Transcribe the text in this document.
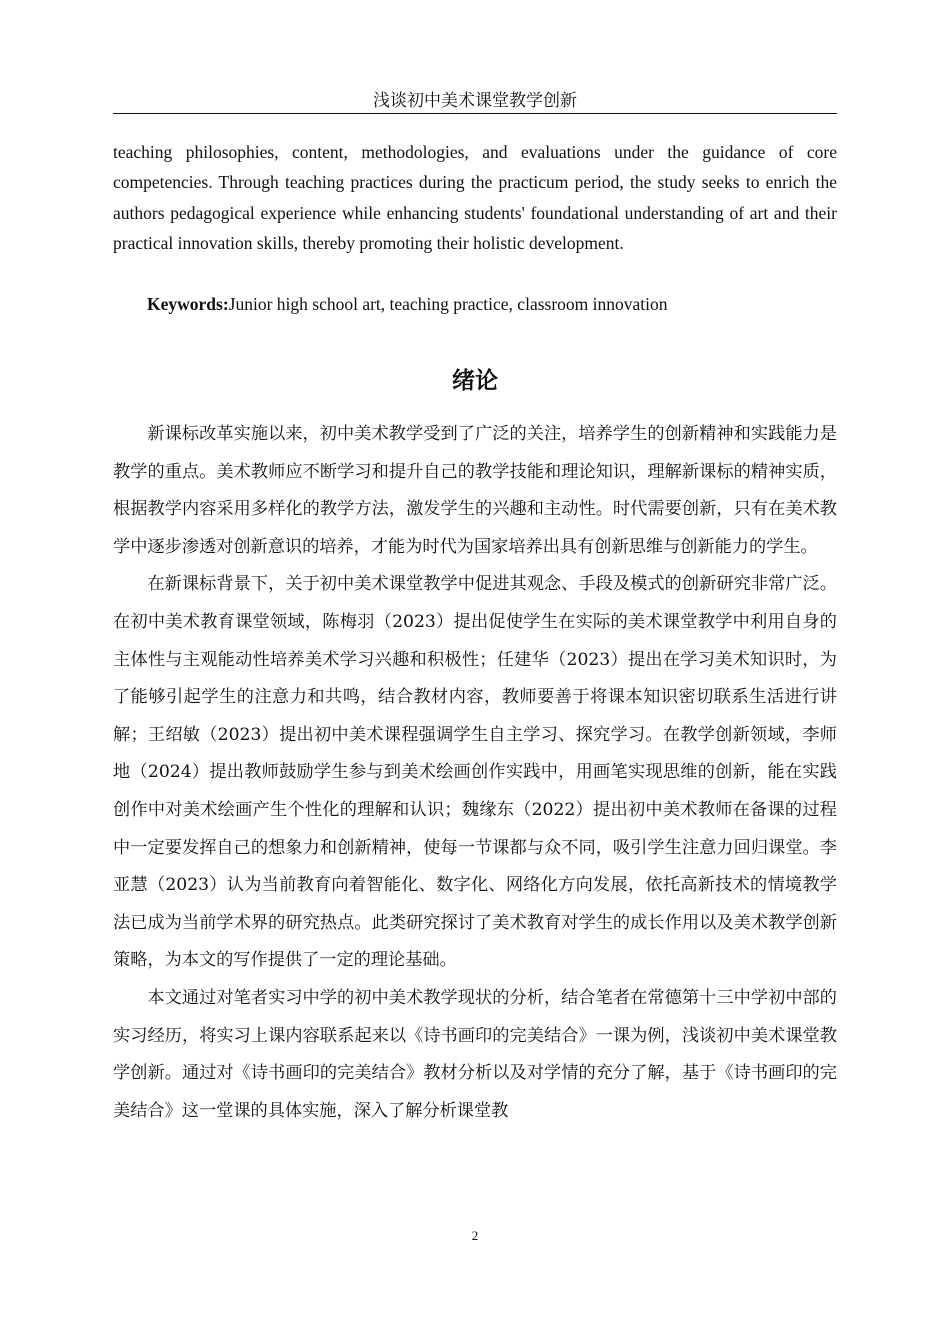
浅谈初中美术课堂教学创新

teaching philosophies, content, methodologies, and evaluations under the guidance of core competencies. Through teaching practices during the practicum period, the study seeks to enrich the authors pedagogical experience while enhancing students' foundational understanding of art and their practical innovation skills, thereby promoting their holistic development.

Keywords:Junior high school art, teaching practice, classroom innovation

绪论

新课标改革实施以来，初中美术教学受到了广泛的关注，培养学生的创新精神和实践能力是教学的重点。美术教师应不断学习和提升自己的教学技能和理论知识，理解新课标的精神实质，根据教学内容采用多样化的教学方法，激发学生的兴趣和主动性。时代需要创新，只有在美术教学中逐步渗透对创新意识的培养，才能为时代为国家培养出具有创新思维与创新能力的学生。

在新课标背景下，关于初中美术课堂教学中促进其观念、手段及模式的创新研究非常广泛。在初中美术教育课堂领域，陈梅羽（2023）提出促使学生在实际的美术课堂教学中利用自身的主体性与主观能动性培养美术学习兴趣和积极性；任建华（2023）提出在学习美术知识时，为了能够引起学生的注意力和共鸣，结合教材内容，教师要善于将课本知识密切联系生活进行讲解；王绍敏（2023）提出初中美术课程强调学生自主学习、探究学习。在教学创新领域，李师地（2024）提出教师鼓励学生参与到美术绘画创作实践中，用画笔实现思维的创新，能在实践创作中对美术绘画产生个性化的理解和认识；魏缘东（2022）提出初中美术教师在备课的过程中一定要发挥自己的想象力和创新精神，使每一节课都与众不同，吸引学生注意力回归课堂。李亚慧（2023）认为当前教育向着智能化、数字化、网络化方向发展，依托高新技术的情境教学法已成为当前学术界的研究热点。此类研究探讨了美术教育对学生的成长作用以及美术教学创新策略，为本文的写作提供了一定的理论基础。

本文通过对笔者实习中学的初中美术教学现状的分析，结合笔者在常德第十三中学初中部的实习经历，将实习上课内容联系起来以《诗书画印的完美结合》一课为例，浅谈初中美术课堂教学创新。通过对《诗书画印的完美结合》教材分析以及对学情的充分了解，基于《诗书画印的完美结合》这一堂课的具体实施，深入了解分析课堂教

2
